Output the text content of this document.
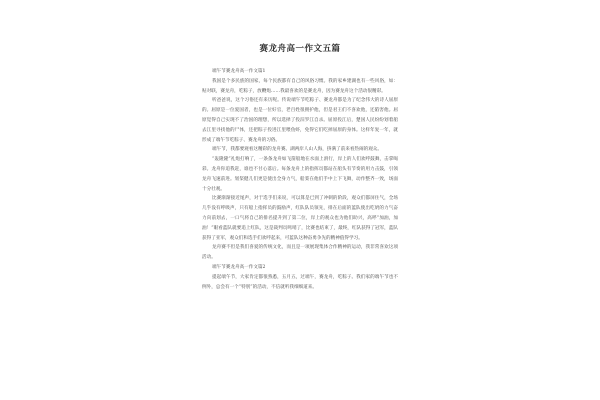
赛龙舟高一作文五篇

端午节赛龙舟高一作文篇1

我国是个多民族的国家，每个民族都有自己的风俗习惯。我的家乡建湖也有一些风俗，如：贴对联，赛龙舟，吃粽子，放鞭炮……我最喜欢的是赛龙舟，因为赛龙舟这个活动很精彩。

听爸爸说，这个习俗还有来历呢。传说端午节吃粽子、赛龙舟都是为了纪念伟大的诗人屈原的。屈原是一位爱国者，也是一位好官，老百姓很拥护他，但是君王们不喜欢他，还陷害他。屈原觉得自己实现不了治国的理想，所以选择了投汨罗江自杀。屈原投江后，楚国人民纷纷划着船去江里寻找他的尸体，还把粽子投进江里喂鱼虾，免得它们吃掉屈原的身体。这样年复一年，就形成了端午节吃粽子、赛龙舟的习俗。

端午节，我都要观看这精彩的龙舟赛。湖两岸人山人海，挤满了前来看热闹的观众。

“轰隆隆”礼炮打响了，一条条龙舟如飞箭般地在水面上滑行，岸上的人们欢呼鼓舞，击掌喝彩。龙舟你追我赶，谁也不甘心落后。每条龙舟上的指挥员都站在船头有节奏的用力击鼓，引领龙舟飞速前进。划桨健儿们更是使出全身力气，船桨在他们手中上下飞舞，动作整齐一致，场面十分壮观。

比赛渐渐接近尾声，对于选手们来说，可以算是已到了冲刺的阶段，观众们都屏住气，全场几乎没有呼吸声，只有船上指挥员的鼓励声，红队队员领先，排在后面的蓝队使出吃奶的力气奋力向前划去，一口气将自己的排名提升到了第二位，岸上的观众也为他们助兴，高呼“加油，加油！”眼看蓝队就要追上红队，这是裁判员鸣哨了，比赛也结束了，最终，红队获得了冠军，蓝队获得了亚军，观众们和选手们欢呼起来，可蓝队这种奋勇争先的精神值得学习。

龙舟赛不但是我们喜爱的传统文化，而且是一项展现集体合作精神的运动，我非常喜欢这项活动。

端午节赛龙舟高一作文篇2

提起端午节，大家肯定都很熟悉，五月五，过端午，赛龙舟，吃粽子。我们家的端午节也不例外，总会有一个“特别”的活动，不信就听我细细道来。
